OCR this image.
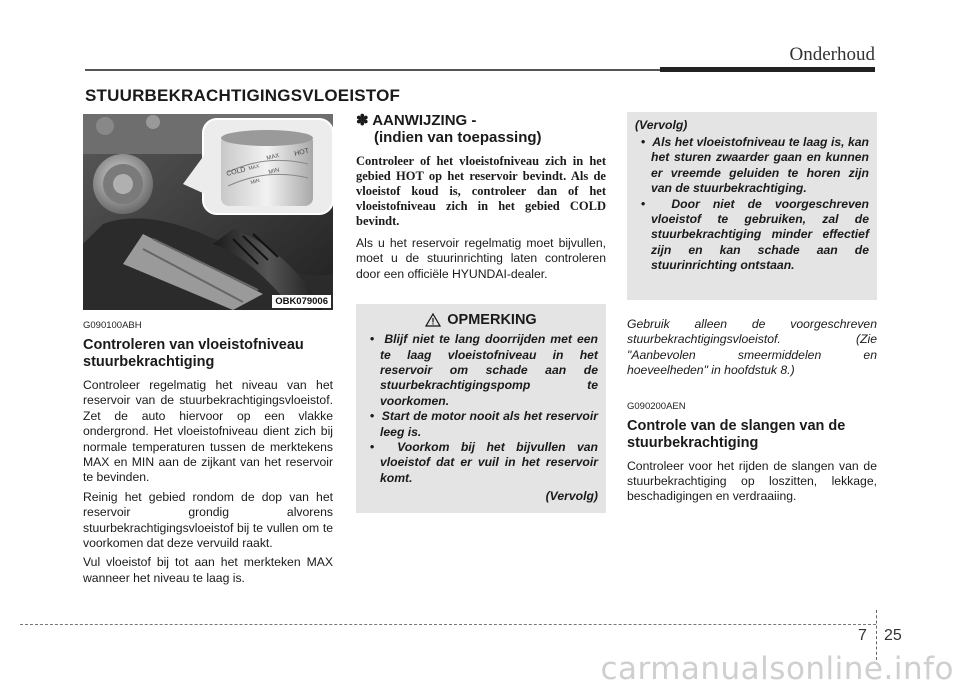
Onderhoud
STUURBEKRACHTIGINGSVLOEISTOF
COLD
HOT
MAX
MIN
MAX
MIN
OBK079006
G090100ABH
Controleren van vloeistofniveau stuurbekrachtiging

Controleer regelmatig het niveau van het reservoir van de stuurbekrachtigingsvloeistof. Zet de auto hiervoor op een vlakke ondergrond. Het vloeistofniveau dient zich bij normale temperaturen tussen de merktekens MAX en MIN aan de zijkant van het reservoir te bevinden.

Reinig het gebied rondom de dop van het reservoir grondig alvorens stuurbekrachtigingsvloeistof bij te vullen om te voorkomen dat deze vervuild raakt.

Vul vloeistof bij tot aan het merkteken MAX wanneer het niveau te laag is.

✽ AANWIJZING -
(indien van toepassing)

Controleer of het vloeistofniveau zich in het gebied HOT op het reservoir bevindt. Als de vloeistof koud is, controleer dan of het vloeistofniveau zich in het gebied COLD bevindt.

Als u het reservoir regelmatig moet bijvullen, moet u de stuurinrichting laten controleren door een officiële HYUNDAI-dealer.

OPMERKING

•  Blijf niet te lang doorrijden met een te laag vloeistofniveau in het reservoir om schade aan de stuurbekrachtigingspomp te voorkomen.

•  Start de motor nooit als het reservoir leeg is.

•  Voorkom bij het bijvullen van vloeistof dat er vuil in het reservoir komt.

(Vervolg)
(Vervolg)

•  Als het vloeistofniveau te laag is, kan het sturen zwaarder gaan en kunnen er vreemde geluiden te horen zijn van de stuurbekrachtiging.

•  Door niet de voorgeschreven vloeistof te gebruiken, zal de stuurbekrachtiging minder effectief zijn en kan schade aan de stuurinrichting ontstaan.

Gebruik alleen de voorgeschreven stuurbekrachtigingsvloeistof. (Zie "Aanbevolen smeermiddelen en hoeveelheden" in hoofdstuk 8.)

G090200AEN
Controle van de slangen van de stuurbekrachtiging

Controleer voor het rijden de slangen van de stuurbekrachtiging op loszitten, lekkage, beschadigingen en verdraaiing.

7 25
carmanualsonline.info
